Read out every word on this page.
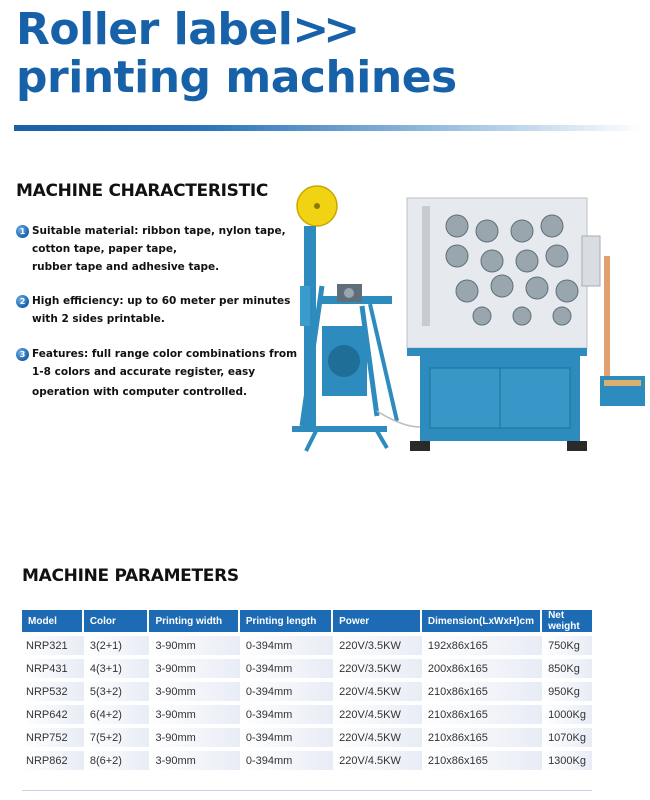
Roller label>>
printing machines
MACHINE CHARACTERISTIC
1 Suitable material: ribbon tape, nylon tape,
cotton tape, paper tape,
rubber tape and adhesive tape.
2 High efficiency: up to 60 meter per minutes
with 2 sides printable.
3 Features: full range color combinations from
1-8 colors and accurate register, easy
operation with computer controlled.
MACHINE PARAMETERS
Model	Color	Printing width	Printing length	Power	Dimension(LxWxH)cm	Net weight
NRP321	3(2+1)	3-90mm	0-394mm	220V/3.5KW	192x86x165	750Kg
NRP431	4(3+1)	3-90mm	0-394mm	220V/3.5KW	200x86x165	850Kg
NRP532	5(3+2)	3-90mm	0-394mm	220V/4.5KW	210x86x165	950Kg
NRP642	6(4+2)	3-90mm	0-394mm	220V/4.5KW	210x86x165	1000Kg
NRP752	7(5+2)	3-90mm	0-394mm	220V/4.5KW	210x86x165	1070Kg
NRP862	8(6+2)	3-90mm	0-394mm	220V/4.5KW	210x86x165	1300Kg
